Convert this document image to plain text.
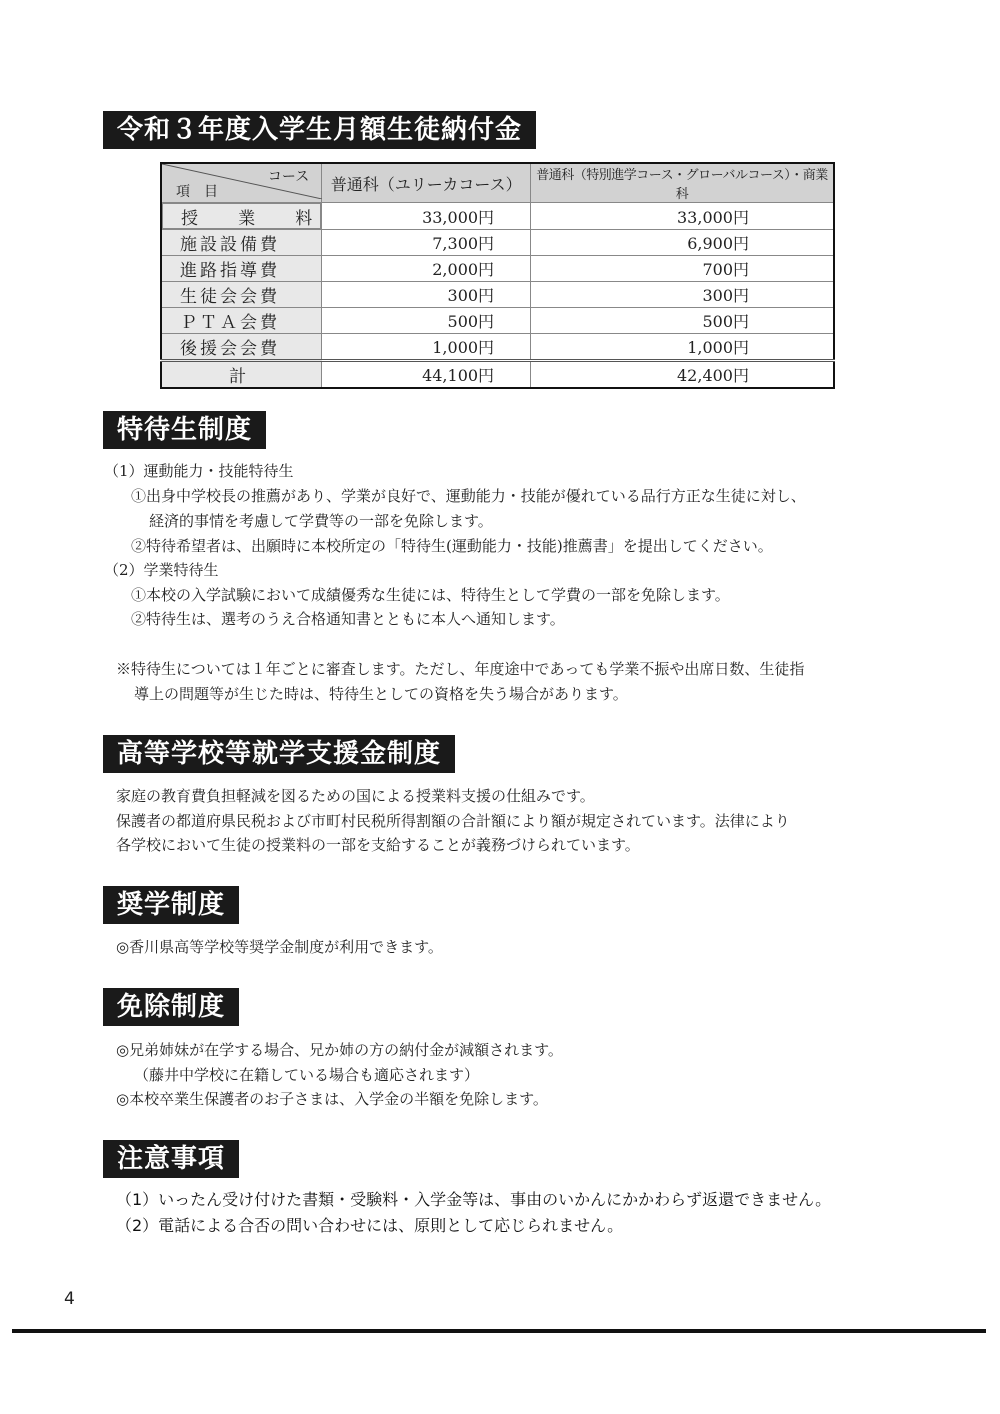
令和３年度入学生月額生徒納付金
コース
項　目	普通科（ユリーカコース）	普通科（特別進学コース・グローバルコース）・商業科

授 業 料	33,000円	33,000円
施設設備費	7,300円	6,900円
進路指導費	2,000円	700円
生徒会会費	300円	300円
ＰＴＡ会費	500円	500円
後援会会費	1,000円	1,000円
計	44,100円	42,400円
特待生制度
（1）運動能力・技能特待生
①出身中学校長の推薦があり、学業が良好で、運動能力・技能が優れている品行方正な生徒に対し、
経済的事情を考慮して学費等の一部を免除します。
②特待希望者は、出願時に本校所定の「特待生(運動能力・技能)推薦書」を提出してください。
（2）学業特待生
①本校の入学試験において成績優秀な生徒には、特待生として学費の一部を免除します。
②特待生は、選考のうえ合格通知書とともに本人へ通知します。
※特待生については１年ごとに審査します。ただし、年度途中であっても学業不振や出席日数、生徒指
導上の問題等が生じた時は、特待生としての資格を失う場合があります。
高等学校等就学支援金制度
家庭の教育費負担軽減を図るための国による授業料支援の仕組みです。
保護者の都道府県民税および市町村民税所得割額の合計額により額が規定されています。法律により
各学校において生徒の授業料の一部を支給することが義務づけられています。
奨学制度
◎香川県高等学校等奨学金制度が利用できます。
免除制度
◎兄弟姉妹が在学する場合、兄か姉の方の納付金が減額されます。
（藤井中学校に在籍している場合も適応されます）
◎本校卒業生保護者のお子さまは、入学金の半額を免除します。
注意事項
（1）いったん受け付けた書類・受験料・入学金等は、事由のいかんにかかわらず返還できません。
（2）電話による合否の問い合わせには、原則として応じられません。
4
